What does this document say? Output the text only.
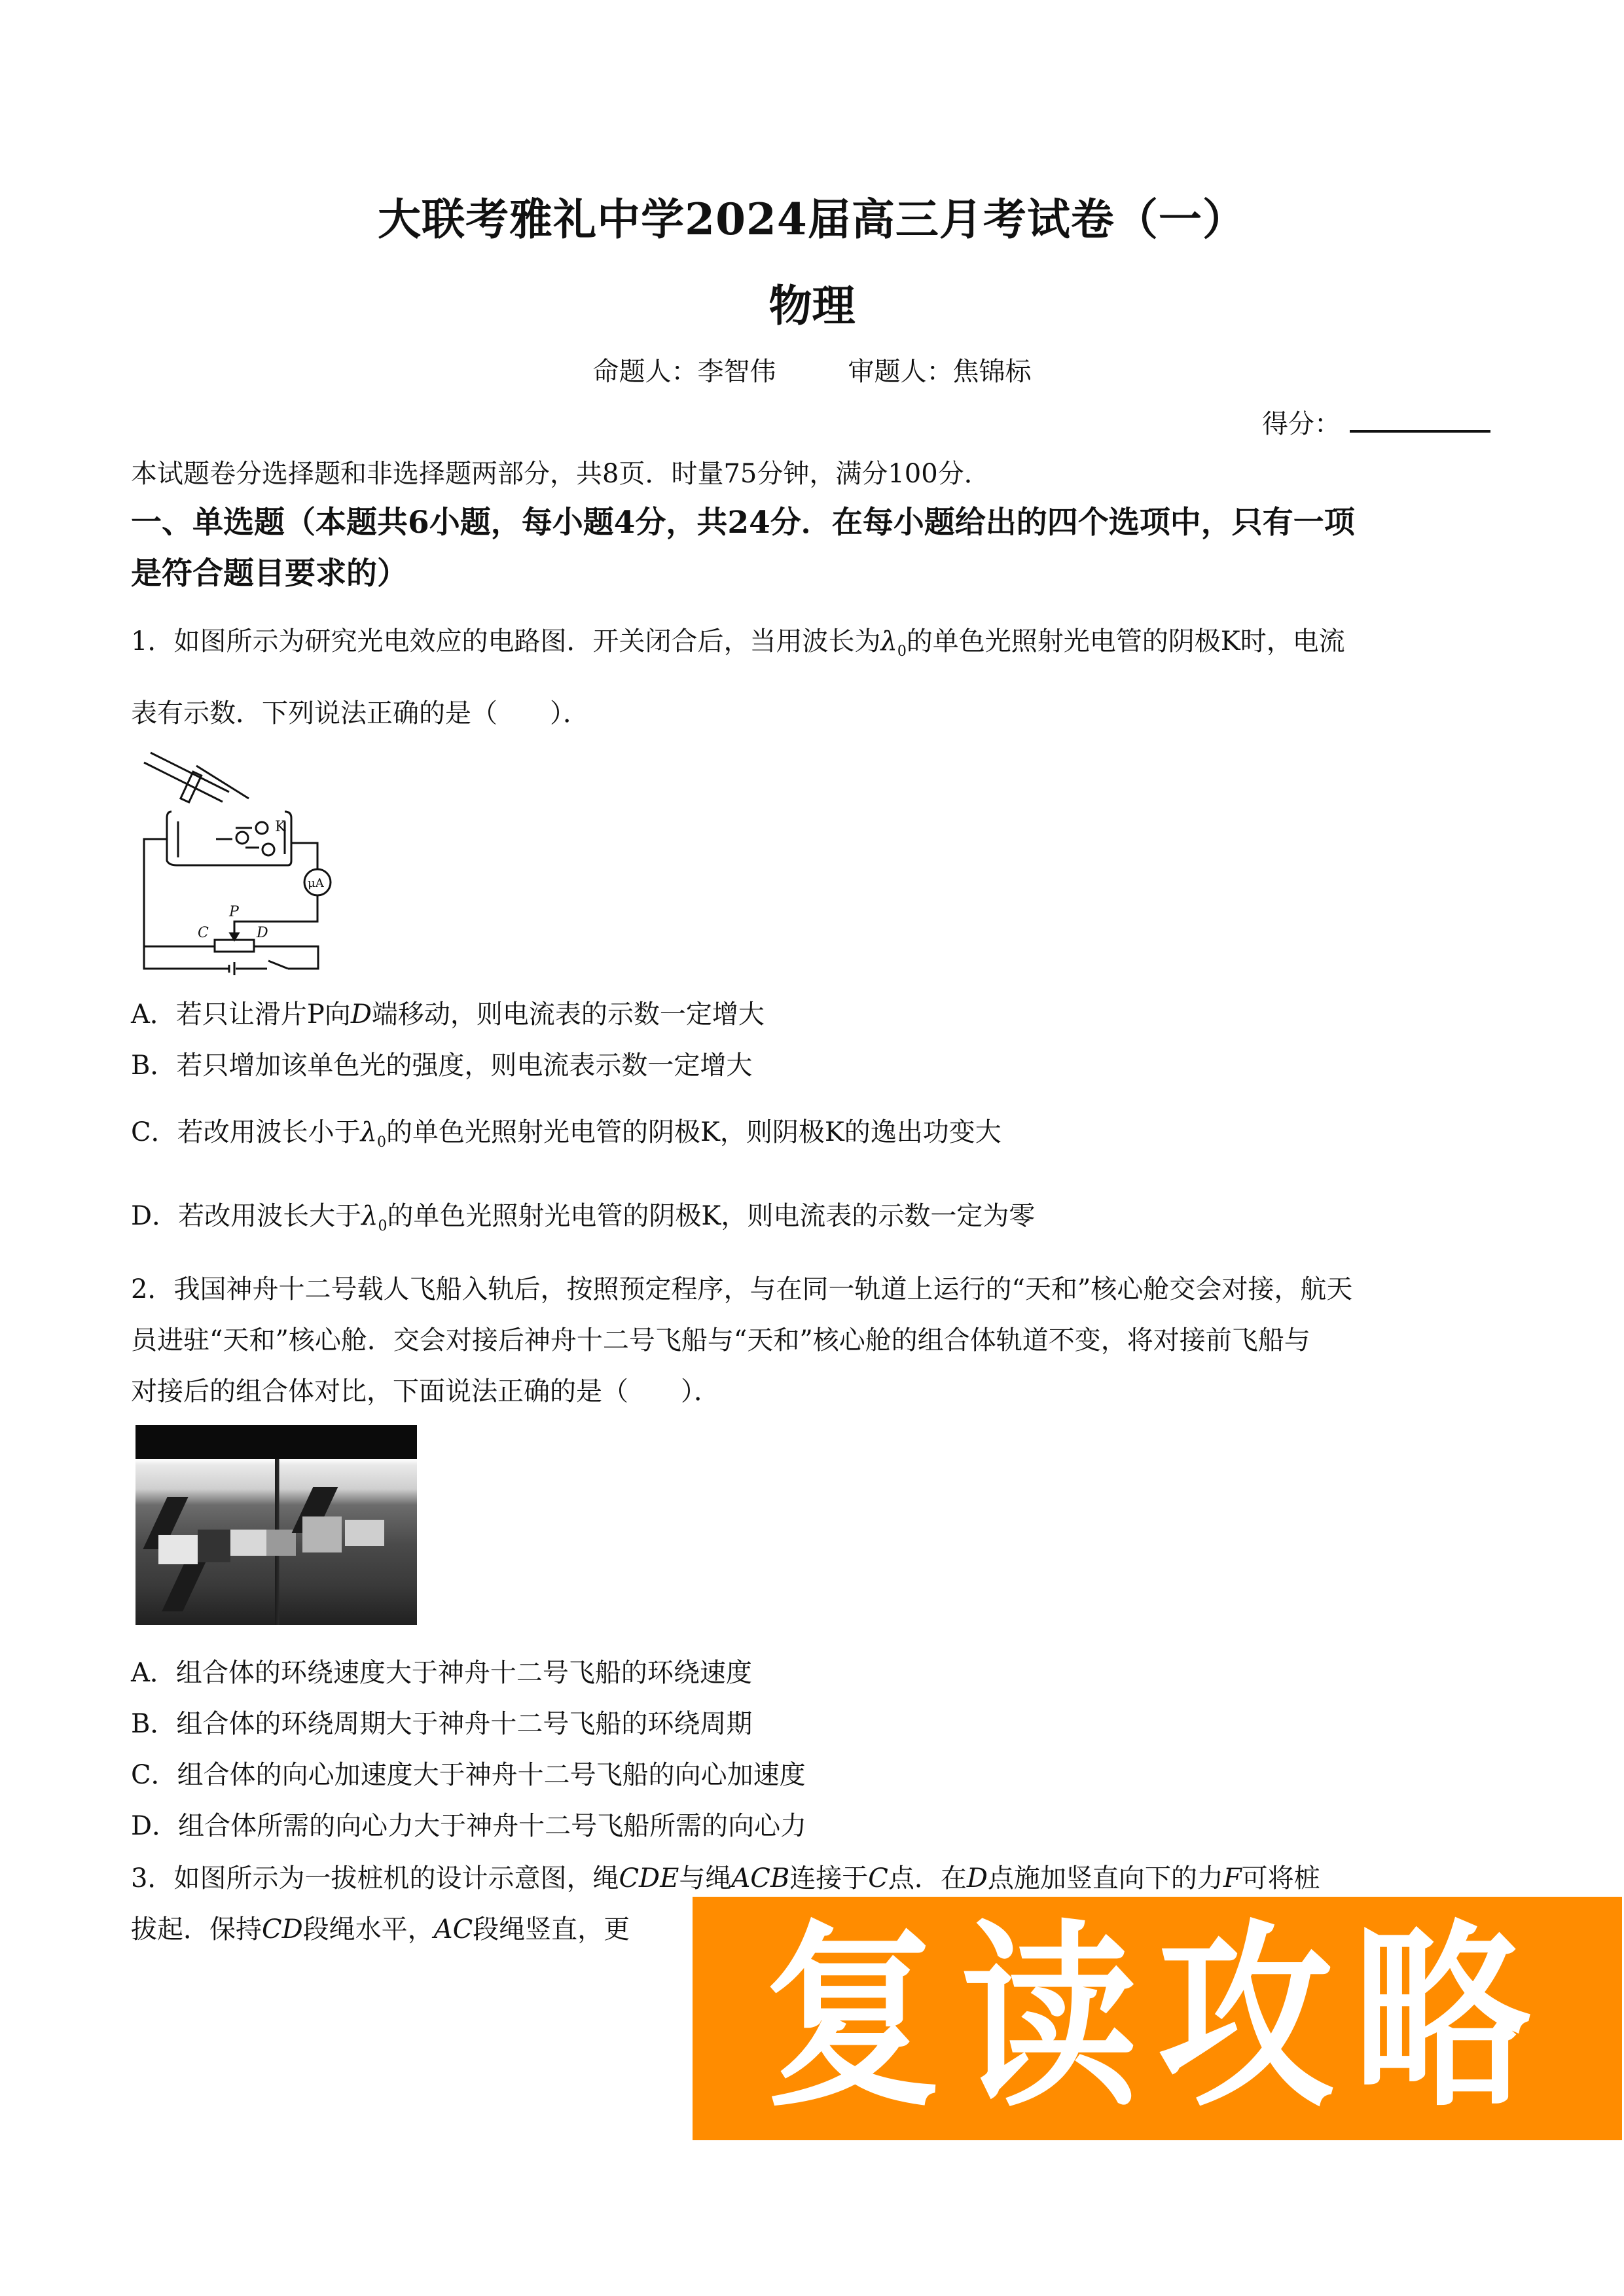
大联考雅礼中学2024届高三月考试卷（一）
物理
命题人：李智伟	审题人：焦锦标
得分：
本试题卷分选择题和非选择题两部分，共8页．时量75分钟，满分100分．
一、单选题（本题共6小题，每小题4分，共24分．在每小题给出的四个选项中，只有一项
是符合题目要求的）
1．如图所示为研究光电效应的电路图．开关闭合后，当用波长为$\lambda_0$的单色光照射光电管的阴极K时，电流
表有示数．下列说法正确的是（　　）．
K
μA
P
C	D
A．若只让滑片P向D端移动，则电流表的示数一定增大
B．若只增加该单色光的强度，则电流表示数一定增大
C．若改用波长小于$\lambda_0$的单色光照射光电管的阴极K，则阴极K的逸出功变大
D．若改用波长大于$\lambda_0$的单色光照射光电管的阴极K，则电流表的示数一定为零
2．我国神舟十二号载人飞船入轨后，按照预定程序，与在同一轨道上运行的“天和”核心舱交会对接，航天
员进驻“天和”核心舱．交会对接后神舟十二号飞船与“天和”核心舱的组合体轨道不变，将对接前飞船与
对接后的组合体对比，下面说法正确的是（　　）．
A．组合体的环绕速度大于神舟十二号飞船的环绕速度
B．组合体的环绕周期大于神舟十二号飞船的环绕周期
C．组合体的向心加速度大于神舟十二号飞船的向心加速度
D．组合体所需的向心力大于神舟十二号飞船所需的向心力
3．如图所示为一拔桩机的设计示意图，绳CDE与绳ACB连接于C点．在D点施加竖直向下的力F可将桩
拔起．保持CD段绳水平，AC段绳竖直，更 复读攻略
